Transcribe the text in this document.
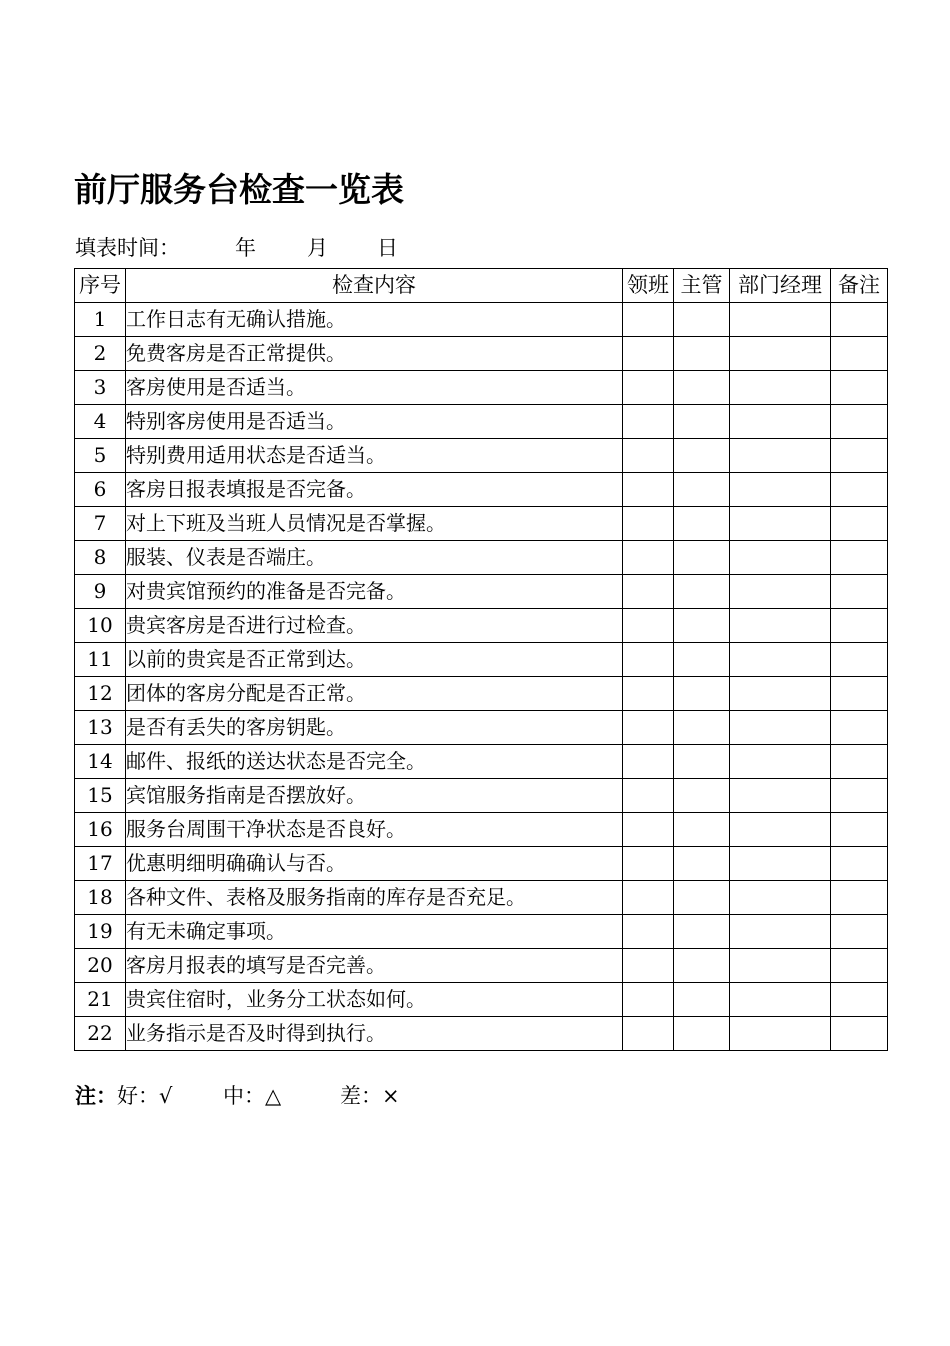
前厅服务台检查一览表
填表时间：	年 月 日
序号	检查内容	领班	主管	部门经理	备注
1	工作日志有无确认措施。				
2	免费客房是否正常提供。				
3	客房使用是否适当。				
4	特别客房使用是否适当。				
5	特别费用适用状态是否适当。				
6	客房日报表填报是否完备。				
7	对上下班及当班人员情况是否掌握。				
8	服装、仪表是否端庄。				
9	对贵宾馆预约的准备是否完备。				
10	贵宾客房是否进行过检查。				
11	以前的贵宾是否正常到达。				
12	团体的客房分配是否正常。				
13	是否有丢失的客房钥匙。				
14	邮件、报纸的送达状态是否完全。				
15	宾馆服务指南是否摆放好。				
16	服务台周围干净状态是否良好。				
17	优惠明细明确确认与否。				
18	各种文件、表格及服务指南的库存是否充足。				
19	有无未确定事项。				
20	客房月报表的填写是否完善。				
21	贵宾住宿时，业务分工状态如何。				
22	业务指示是否及时得到执行。				
注：好：√ 中：△	差：×
